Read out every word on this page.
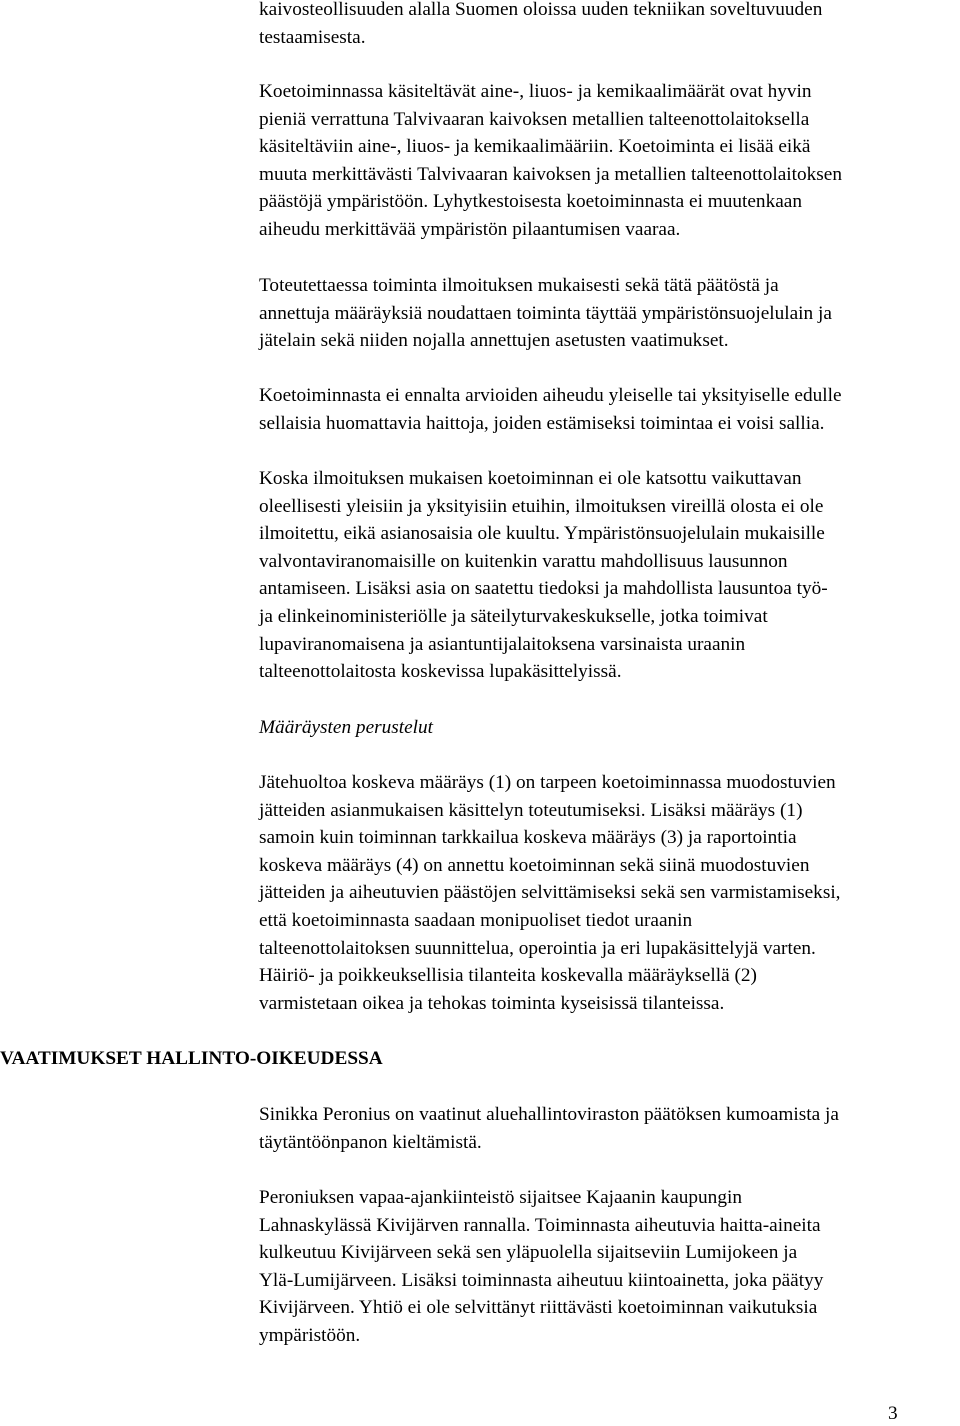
kaivosteollisuuden alalla Suomen oloissa uuden tekniikan soveltuvuuden
testaamisesta.
Koetoiminnassa käsiteltävät aine-, liuos- ja kemikaalimäärät ovat hyvin
pieniä verrattuna Talvivaaran kaivoksen metallien talteenottolaitoksella
käsiteltäviin aine-, liuos- ja kemikaalimääriin. Koetoiminta ei lisää eikä
muuta merkittävästi Talvivaaran kaivoksen ja metallien talteenottolaitoksen
päästöjä ympäristöön. Lyhytkestoisesta koetoiminnasta ei muutenkaan
aiheudu merkittävää ympäristön pilaantumisen vaaraa.
Toteutettaessa toiminta ilmoituksen mukaisesti sekä tätä päätöstä ja
annettuja määräyksiä noudattaen toiminta täyttää ympäristönsuojelulain ja
jätelain sekä niiden nojalla annettujen asetusten vaatimukset.
Koetoiminnasta ei ennalta arvioiden aiheudu yleiselle tai yksityiselle edulle
sellaisia huomattavia haittoja, joiden estämiseksi toimintaa ei voisi sallia.
Koska ilmoituksen mukaisen koetoiminnan ei ole katsottu vaikuttavan
oleellisesti yleisiin ja yksityisiin etuihin, ilmoituksen vireillä olosta ei ole
ilmoitettu, eikä asianosaisia ole kuultu. Ympäristönsuojelulain mukaisille
valvontaviranomaisille on kuitenkin varattu mahdollisuus lausunnon
antamiseen. Lisäksi asia on saatettu tiedoksi ja mahdollista lausuntoa työ-
ja elinkeinoministeriölle ja säteilyturvakeskukselle, jotka toimivat
lupaviranomaisena ja asiantuntijalaitoksena varsinaista uraanin
talteenottolaitosta koskevissa lupakäsittelyissä.
Määräysten perustelut
Jätehuoltoa koskeva määräys (1) on tarpeen koetoiminnassa muodostuvien
jätteiden asianmukaisen käsittelyn toteutumiseksi. Lisäksi määräys (1)
samoin kuin toiminnan tarkkailua koskeva määräys (3) ja raportointia
koskeva määräys (4) on annettu koetoiminnan sekä siinä muodostuvien
jätteiden ja aiheutuvien päästöjen selvittämiseksi sekä sen varmistamiseksi,
että koetoiminnasta saadaan monipuoliset tiedot uraanin
talteenottolaitoksen suunnittelua, operointia ja eri lupakäsittelyjä varten.
Häiriö- ja poikkeuksellisia tilanteita koskevalla määräyksellä (2)
varmistetaan oikea ja tehokas toiminta kyseisissä tilanteissa.
VAATIMUKSET HALLINTO-OIKEUDESSA
Sinikka Peronius on vaatinut aluehallintoviraston päätöksen kumoamista ja
täytäntöönpanon kieltämistä.
Peroniuksen vapaa-ajankiinteistö sijaitsee Kajaanin kaupungin
Lahnaskylässä Kivijärven rannalla. Toiminnasta aiheutuvia haitta-aineita
kulkeutuu Kivijärveen sekä sen yläpuolella sijaitseviin Lumijokeen ja
Ylä-Lumijärveen. Lisäksi toiminnasta aiheutuu kiintoainetta, joka päätyy
Kivijärveen. Yhtiö ei ole selvittänyt riittävästi koetoiminnan vaikutuksia
ympäristöön.
3
